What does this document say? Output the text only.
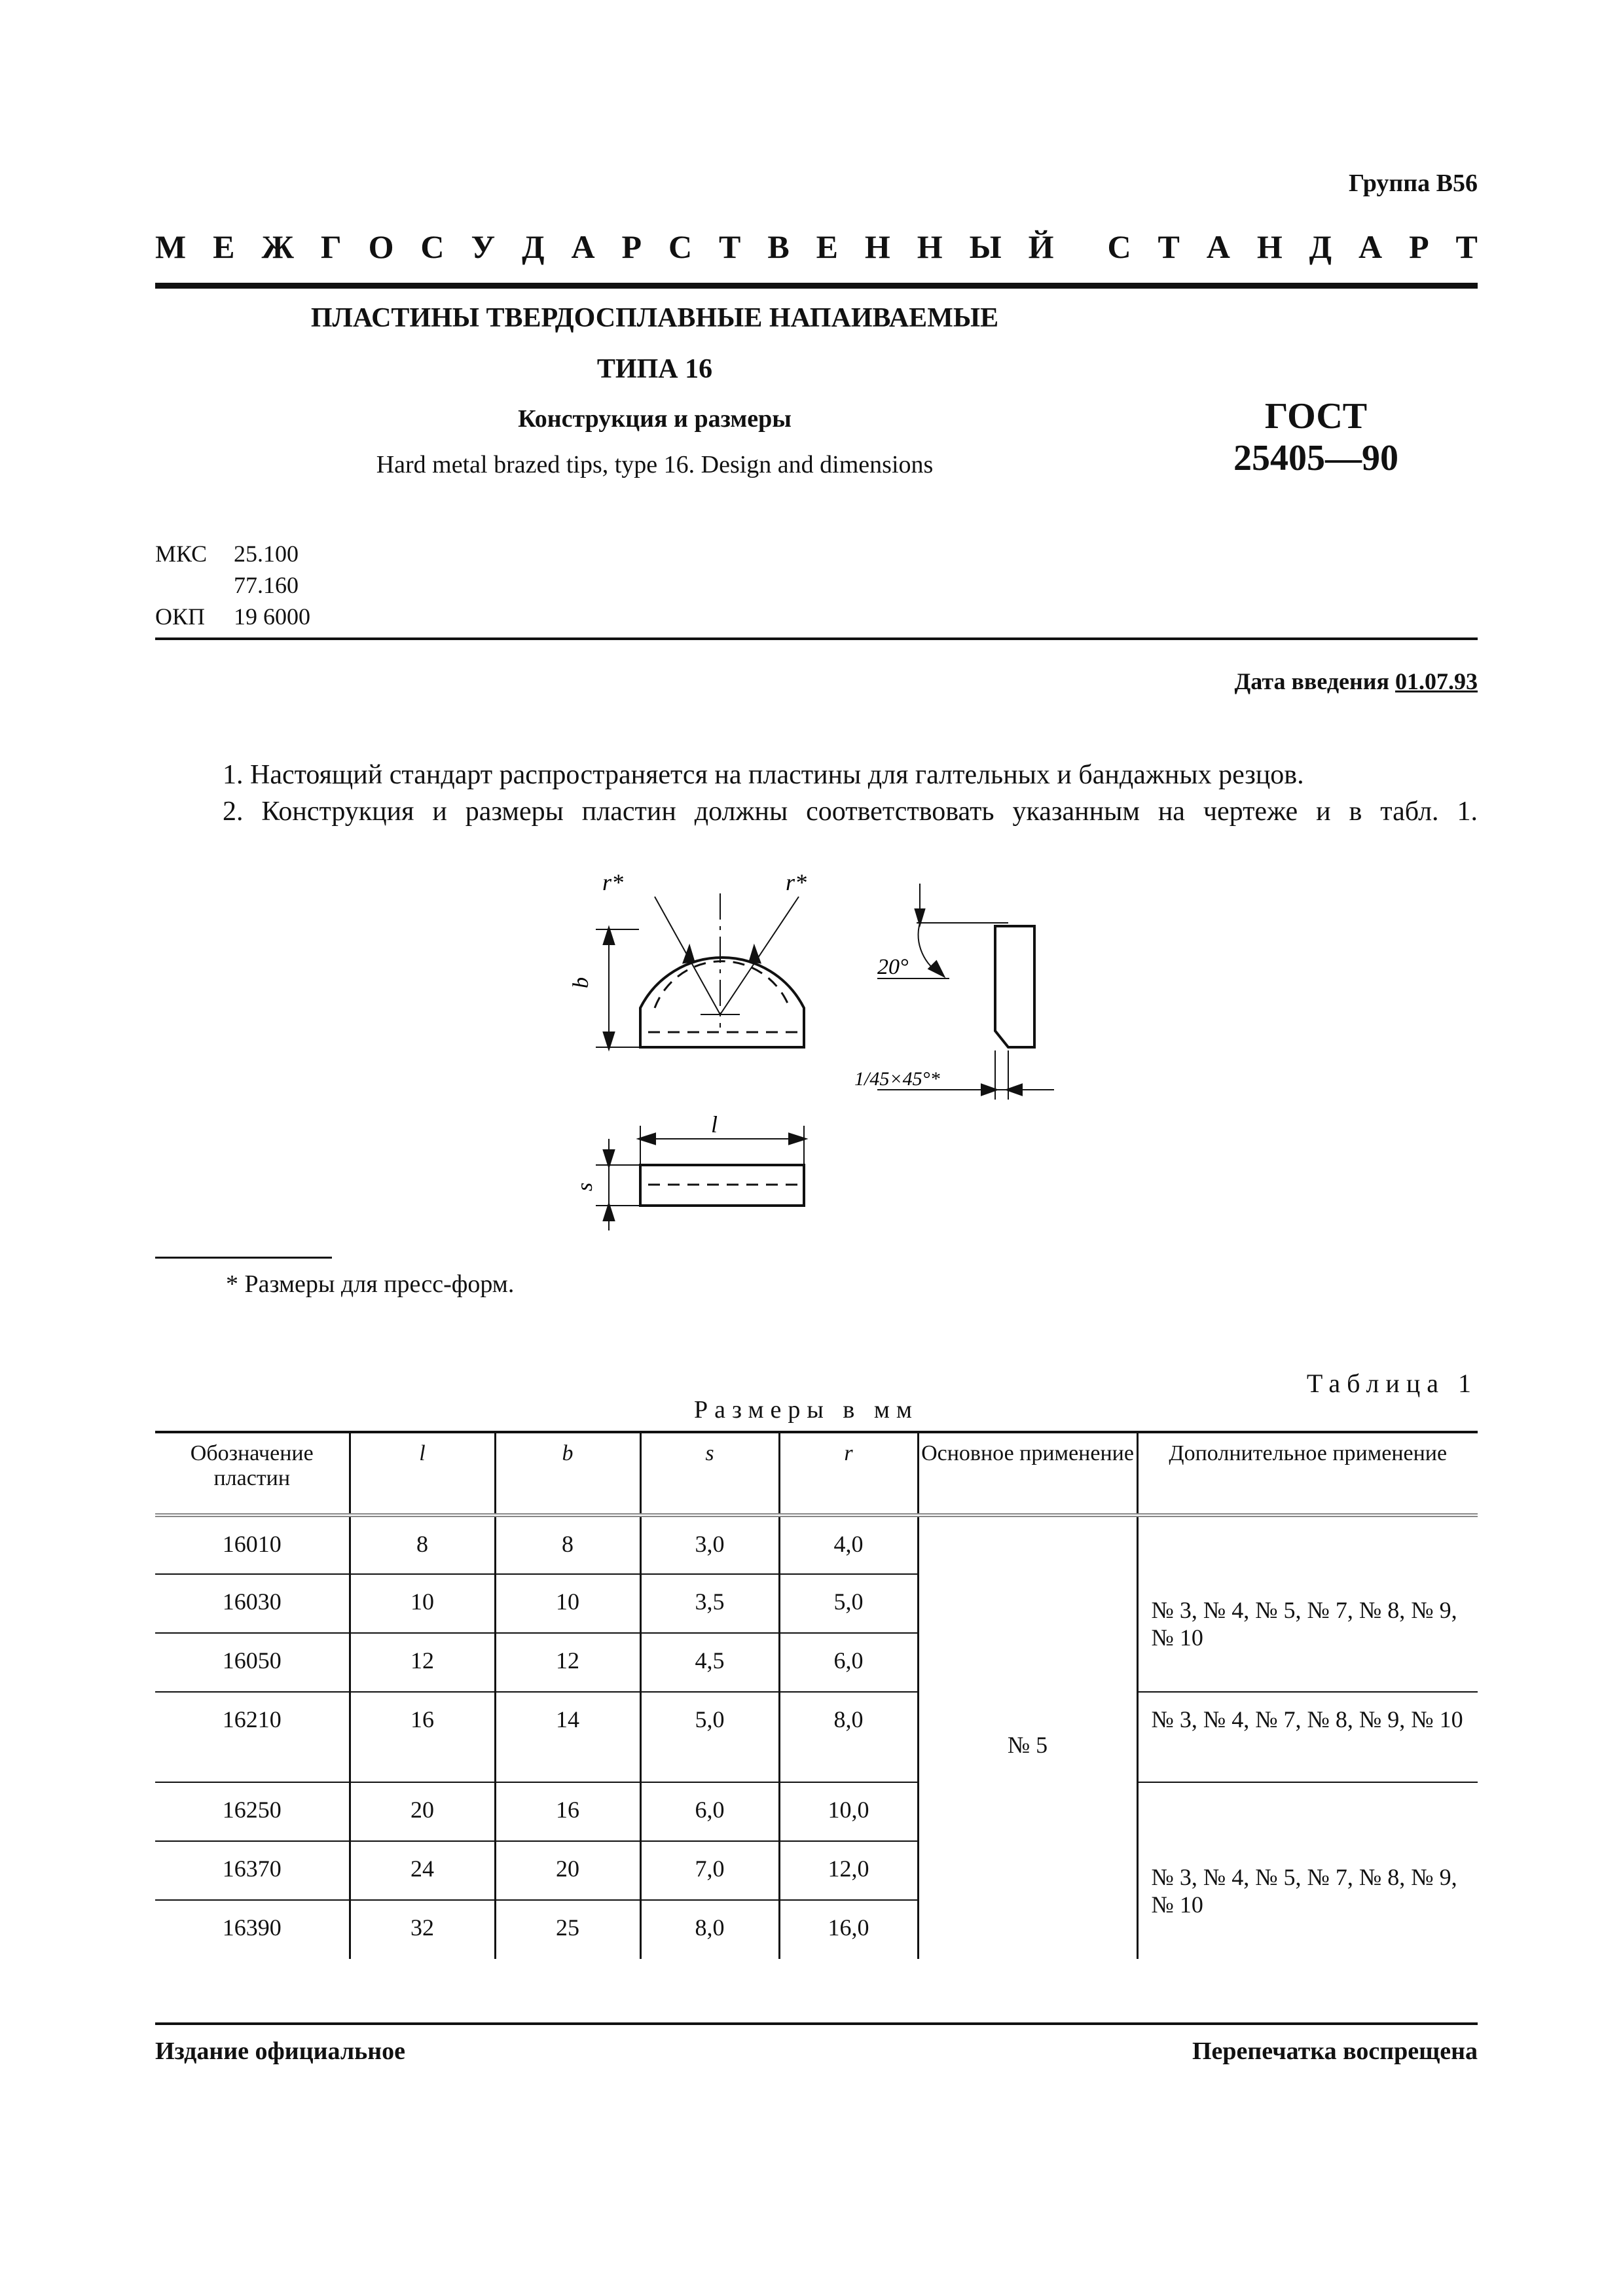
Группа В56
М Е Ж Г О С У Д А Р С Т В Е Н Н Ы Й С Т А Н Д А Р Т
ПЛАСТИНЫ ТВЕРДОСПЛАВНЫЕ НАПАИВАЕМЫЕ
ТИПА 16
Конструкция и размеры
Hard metal brazed tips, type 16. Design and dimensions
ГОСТ
25405—90
МКС 25.100
77.160
ОКП 19 6000
Дата введения 01.07.93
1. Настоящий стандарт распространяется на пластины для галтельных и бандажных резцов.
2. Конструкция и размеры пластин должны соответствовать указанным на чертеже и в табл. 1.
b
r*	r*
l
s
20°
1/45×45°*
* Размеры для пресс-форм.
Таблица 1
Размеры в мм
Обозначение пластин	l	b	s	r	Основное применение	Дополнительное применение
16010	8	8	3,0	4,0	№ 5	№ 3, № 4, № 5, № 7, № 8, № 9, № 10
16030	10	10	3,5	5,0		
16050	12	12	4,5	6,0		
16210	16	14	5,0	8,0		№ 3, № 4, № 7, № 8, № 9, № 10
16250	20	16	6,0	10,0		№ 3, № 4, № 5, № 7, № 8, № 9, № 10
16370	24	20	7,0	12,0		
16390	32	25	8,0	16,0		
Издание официальное	Перепечатка воспрещена
